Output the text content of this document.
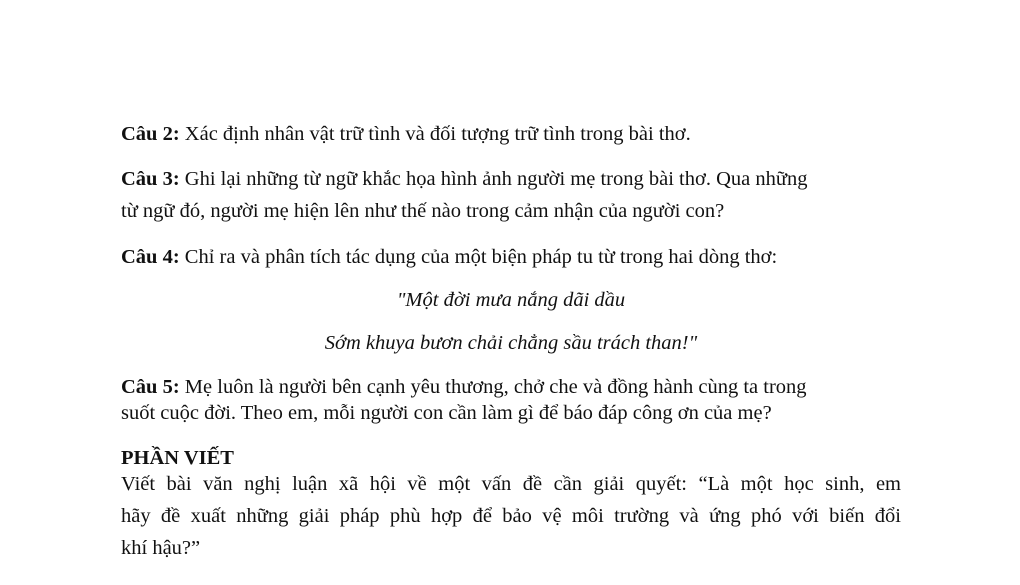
Câu 2: Xác định nhân vật trữ tình và đối tượng trữ tình trong bài thơ.
Câu 3: Ghi lại những từ ngữ khắc họa hình ảnh người mẹ trong bài thơ. Qua những
từ ngữ đó, người mẹ hiện lên như thế nào trong cảm nhận của người con?
Câu 4: Chỉ ra và phân tích tác dụng của một biện pháp tu từ trong hai dòng thơ:
"Một đời mưa nắng dãi dầu
Sớm khuya bươn chải chẳng sầu trách than!"
Câu 5: Mẹ luôn là người bên cạnh yêu thương, chở che và đồng hành cùng ta trong
suốt cuộc đời. Theo em, mỗi người con cần làm gì để báo đáp công ơn của mẹ?
PHẦN VIẾT
Viết bài văn nghị luận xã hội về một vấn đề cần giải quyết: “Là một học sinh, em
hãy đề xuất những giải pháp phù hợp để bảo vệ môi trường và ứng phó với biến đổi
khí hậu?”
